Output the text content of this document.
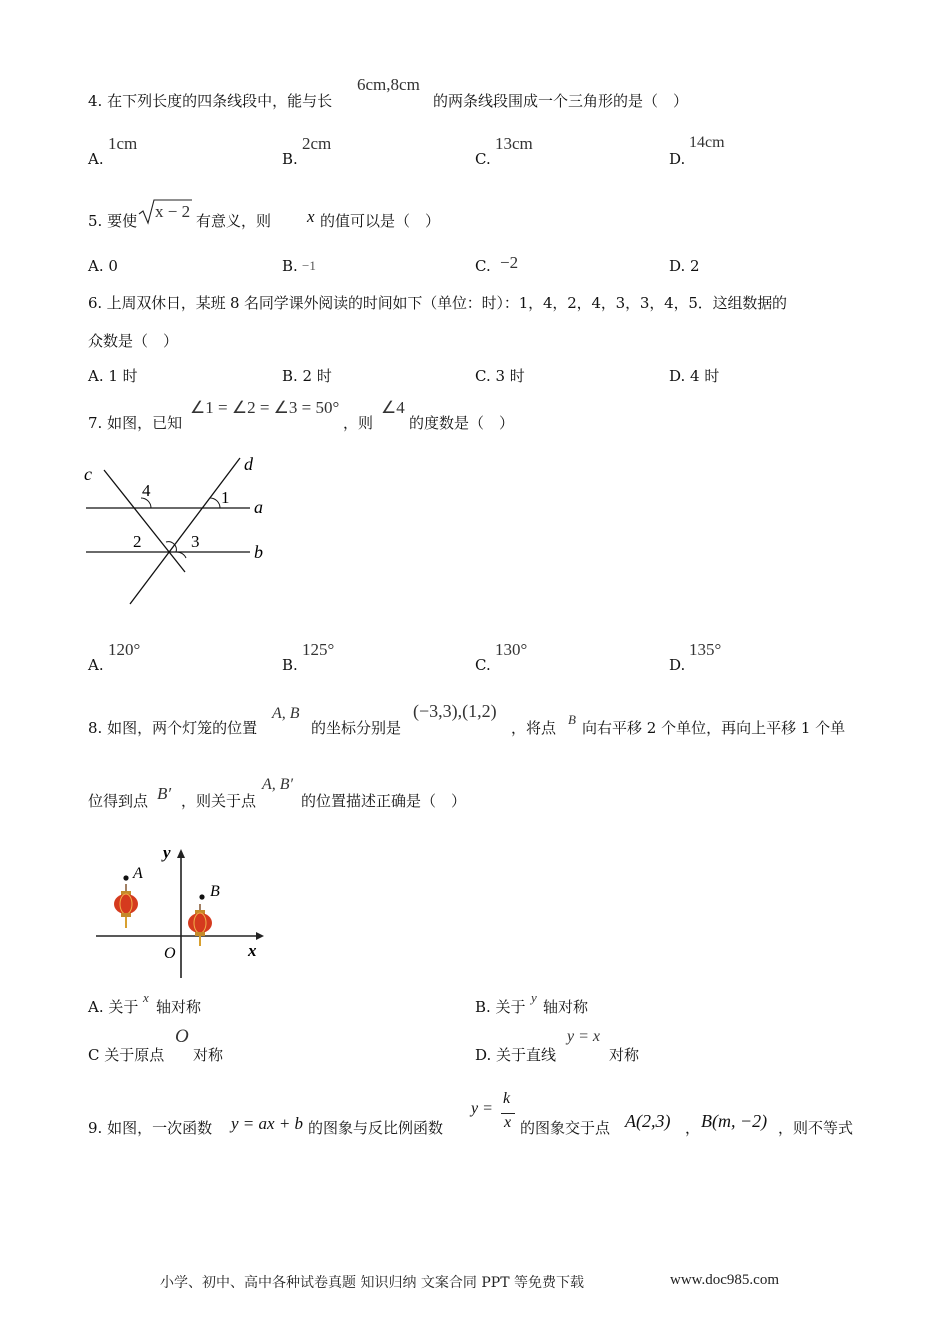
4. 在下列长度的四条线段中，能与长
6cm,8cm
的两条线段围成一个三角形的是（　）
A.
1cm
B.
2cm
C.
13cm
D.
14cm
5. 要使 x − 2 有意义，则 x 的值可以是（　）
A. 0	B. −1	C. −2	D. 2
6. 上周双休日，某班 8 名同学课外阅读的时间如下（单位：时）：1，4，2，4，3，3，4，5．这组数据的
众数是（　）
A. 1 时	B. 2 时	C. 3 时	D. 4 时
7. 如图，已知
∠1 = ∠2 = ∠3 = 50°
，则
∠4
的度数是（　）
c	d
a
b
1
2	3
4
A.
120°
B.
125°
C.
130°
D.
135°
8. 如图，两个灯笼的位置
A, B
的坐标分别是
(−3,3),(1,2)
，将点 B 向右平移 2 个单位，再向上平移 1 个单
位得到点 B′ ，则关于点
A, B′
的位置描述正确是（　）
y
x
O
A
B
A. 关于
x
轴对称	B. 关于
y
轴对称
C 关于原点
O
对称	D. 关于直线
y = x
对称
9. 如图，一次函数 y = ax + b 的图象与反比例函数
y =
k
x 的图象交于点 A(2,3) ， B(m, −2) ，则不等式
小学、初中、高中各种试卷真题 知识归纳 文案合同 PPT 等免费下载	www.doc985.com
